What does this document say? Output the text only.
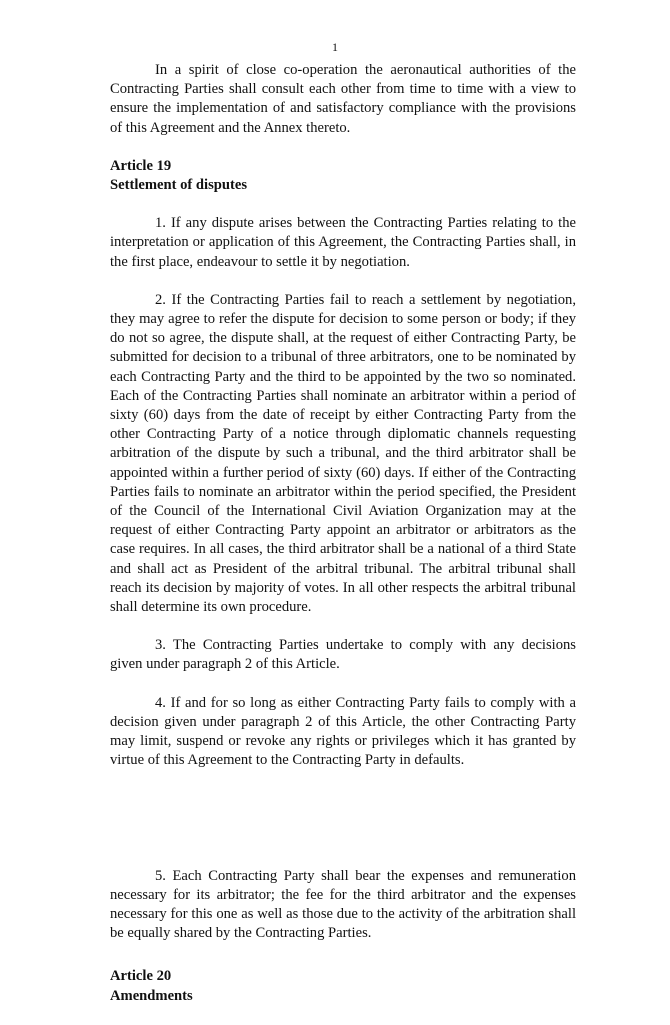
1

In a spirit of close co-operation the aeronautical authorities of the Contracting Parties shall consult each other from time to time with a view to ensure the implementation of and satisfactory compliance with the provisions of this Agreement and the Annex thereto.

Article 19
Settlement of disputes

1. If any dispute arises between the Contracting Parties relating to the interpretation or application of this Agreement, the Contracting Parties shall, in the first place, endeavour to settle it by negotiation.

2. If the Contracting Parties fail to reach a settlement by negotiation, they may agree to refer the dispute for decision to some person or body; if they do not so agree, the dispute shall, at the request of either Contracting Party, be submitted for decision to a tribunal of three arbitrators, one to be nominated by each Contracting Party and the third to be appointed by the two so nominated. Each of the Contracting Parties shall nominate an arbitrator within a period of sixty (60) days from the date of receipt by either Contracting Party from the other Contracting Party of a notice through diplomatic channels requesting arbitration of the dispute by such a tribunal, and the third arbitrator shall be appointed within a further period of sixty (60) days. If either of the Contracting Parties fails to nominate an arbitrator within the period specified, the President of the Council of the International Civil Aviation Organization may at the request of either Contracting Party appoint an arbitrator or arbitrators as the case requires. In all cases, the third arbitrator shall be a national of a third State and shall act as President of the arbitral tribunal. The arbitral tribunal shall reach its decision by majority of votes. In all other respects the arbitral tribunal shall determine its own procedure.

3. The Contracting Parties undertake to comply with any decisions given under paragraph 2 of this Article.

4. If and for so long as either Contracting Party fails to comply with a decision given under paragraph 2 of this Article, the other Contracting Party may limit, suspend or revoke any rights or privileges which it has granted by virtue of this Agreement to the Contracting Party in defaults.

5. Each Contracting Party shall bear the expenses and remuneration necessary for its arbitrator; the fee for the third arbitrator and the expenses necessary for this one as well as those due to the activity of the arbitration shall be equally shared by the Contracting Parties.

Article 20
Amendments
